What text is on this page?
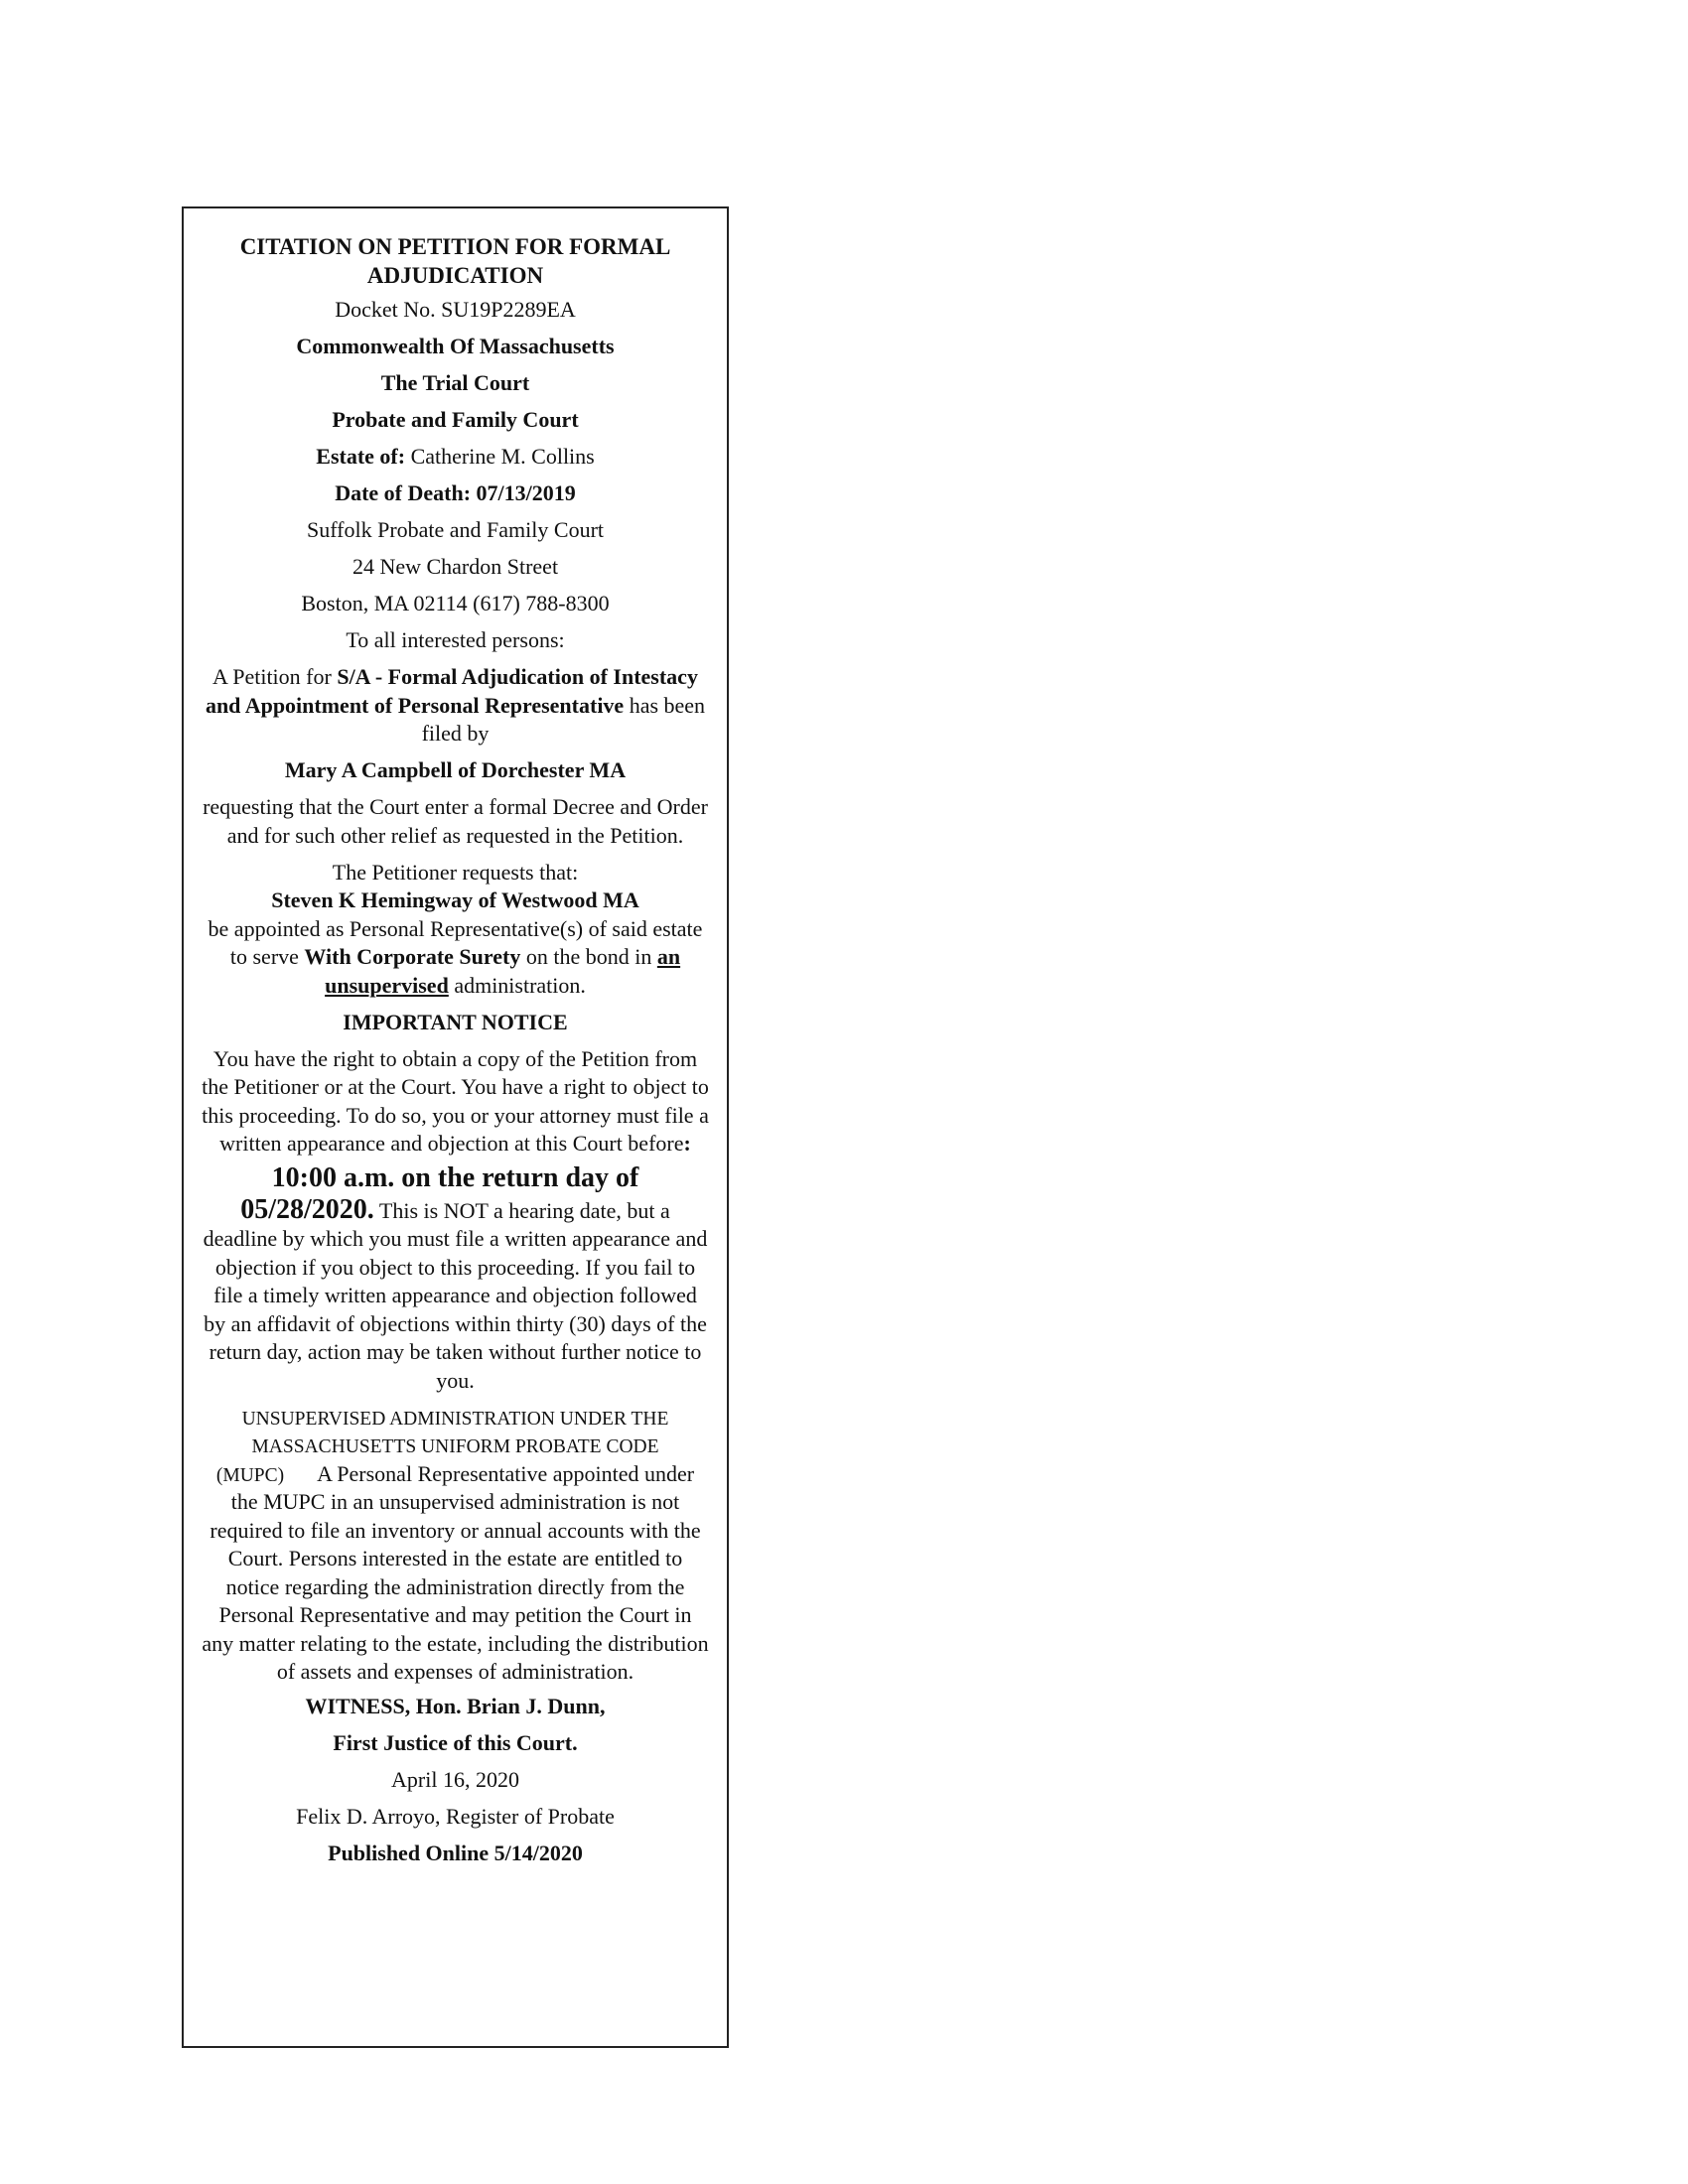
CITATION ON PETITION FOR FORMAL ADJUDICATION

Docket No. SU19P2289EA

Commonwealth Of Massachusetts

The Trial Court

Probate and Family Court

Estate of: Catherine M. Collins

Date of Death: 07/13/2019

Suffolk Probate and Family Court

24 New Chardon Street

Boston, MA 02114 (617) 788-8300

To all interested persons:

A Petition for S/A - Formal Adjudication of Intestacy and Appointment of Personal Representative has been filed by

Mary A Campbell of Dorchester MA

requesting that the Court enter a formal Decree and Order and for such other relief as requested in the Petition.

The Petitioner requests that:

Steven K Hemingway of Westwood MA
be appointed as Personal Representative(s) of said estate to serve With Corporate Surety on the bond in an unsupervised administration.

IMPORTANT NOTICE

You have the right to obtain a copy of the Petition from the Petitioner or at the Court. You have a right to object to this proceeding. To do so, you or your attorney must file a written appearance and objection at this Court before:

10:00 a.m. on the return day of

05/28/2020. This is NOT a hearing date, but a deadline by which you must file a written appearance and objection if you object to this proceeding. If you fail to file a timely written appearance and objection followed by an affidavit of objections within thirty (30) days of the return day, action may be taken without further notice to you.

UNSUPERVISED ADMINISTRATION UNDER THE MASSACHUSETTS UNIFORM PROBATE CODE (MUPC) A Personal Representative appointed under the MUPC in an unsupervised administration is not required to file an inventory or annual accounts with the Court. Persons interested in the estate are entitled to notice regarding the administration directly from the Personal Representative and may petition the Court in any matter relating to the estate, including the distribution of assets and expenses of administration.

WITNESS, Hon. Brian J. Dunn,

First Justice of this Court.

April 16, 2020

Felix D. Arroyo, Register of Probate

Published Online 5/14/2020
